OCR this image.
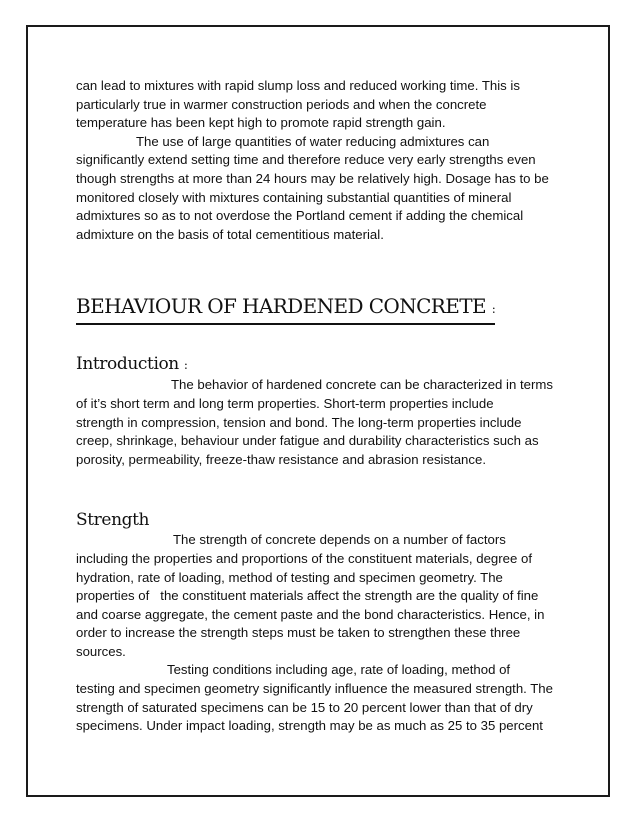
can lead to mixtures with rapid slump loss and reduced working time. This is
particularly true in warmer construction periods and when the concrete
temperature has been kept high to promote rapid strength gain.
The use of large quantities of water reducing admixtures can
significantly extend setting time and therefore reduce very early strengths even
though strengths at more than 24 hours may be relatively high. Dosage has to be
monitored closely with mixtures containing substantial quantities of mineral
admixtures so as to not overdose the Portland cement if adding the chemical
admixture on the basis of total cementitious material.
BEHAVIOUR OF HARDENED CONCRETE :
Introduction :
The behavior of hardened concrete can be characterized in terms
of it’s short term and long term properties. Short-term properties include
strength in compression, tension and bond. The long-term properties include
creep, shrinkage, behaviour under fatigue and durability characteristics such as
porosity, permeability, freeze-thaw resistance and abrasion resistance.
Strength
The strength of concrete depends on a number of factors
including the properties and proportions of the constituent materials, degree of
hydration, rate of loading, method of testing and specimen geometry. The
properties of   the constituent materials affect the strength are the quality of fine
and coarse aggregate, the cement paste and the bond characteristics. Hence, in
order to increase the strength steps must be taken to strengthen these three
sources.
Testing conditions including age, rate of loading, method of
testing and specimen geometry significantly influence the measured strength. The
strength of saturated specimens can be 15 to 20 percent lower than that of dry
specimens. Under impact loading, strength may be as much as 25 to 35 percent
